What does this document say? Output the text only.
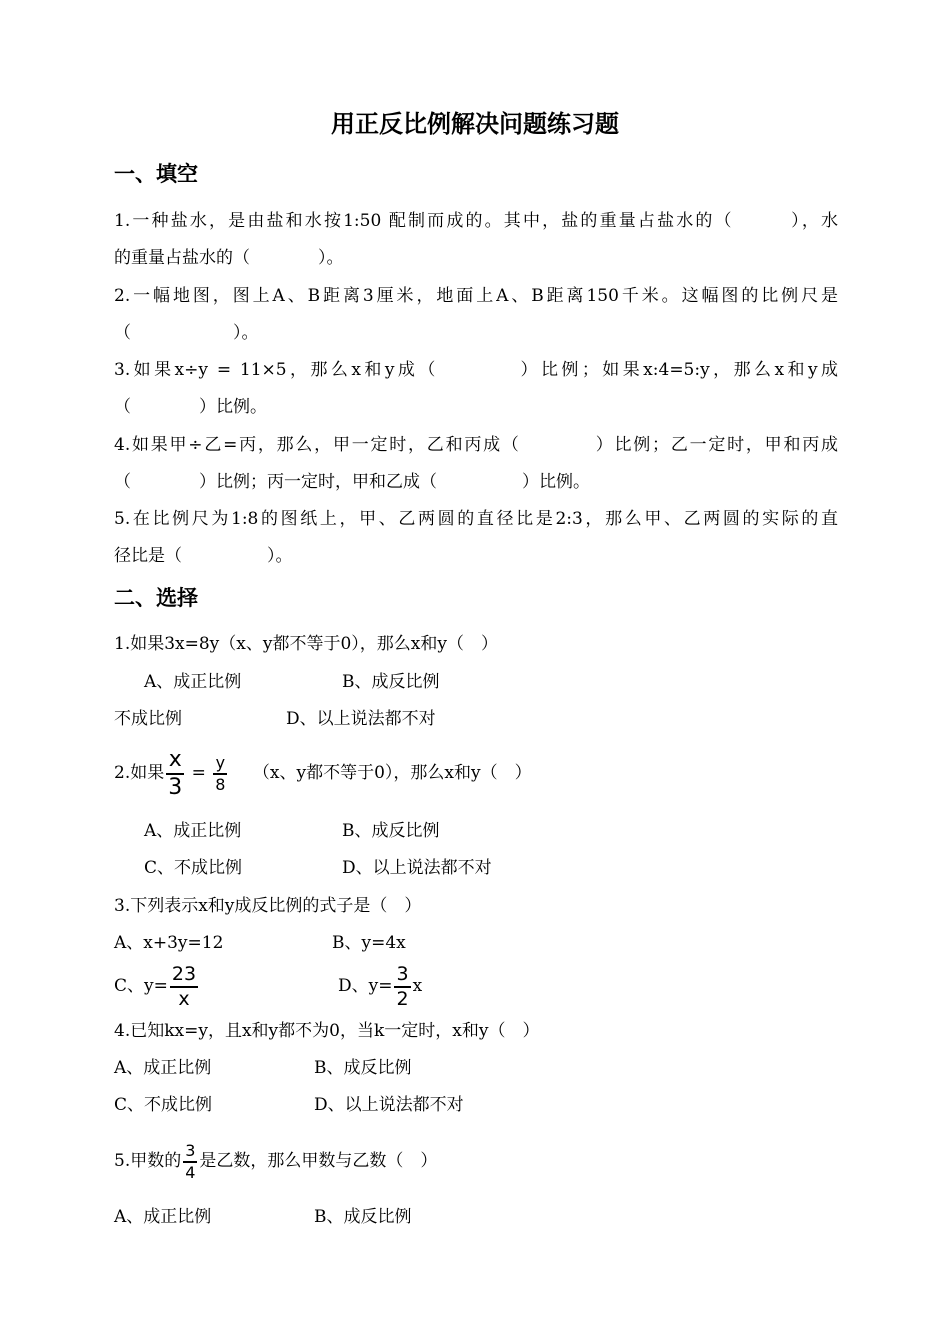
用正反比例解决问题练习题
一、填空
1.一种盐水，是由盐和水按1:50 配制而成的。其中，盐的重量占盐水的（　　　），水
的重量占盐水的（　　　　）。
2.一幅地图，图上A、B距离3厘米，地面上A、B距离150千米。这幅图的比例尺是
（　　　　　　）。
3.如果x÷y = 11×5，那么x和y成（　　　　）比例；如果x:4=5:y，那么x和y成
（　　　　）比例。
4.如果甲÷乙=丙，那么，甲一定时，乙和丙成（　　　　）比例；乙一定时，甲和丙成
（　　　　）比例；丙一定时，甲和乙成（　　　　　）比例。
5.在比例尺为1:8的图纸上，甲、乙两圆的直径比是2:3，那么甲、乙两圆的实际的直
径比是（　　　　　）。
二、选择
1.如果3x=8y（x、y都不等于0），那么x和y（　）
A、成正比例	B、成反比例
不成比例	D、以上说法都不对
2.如果 $\frac{x}{3} = \frac{y}{8} (x$、y都不等于0），那么x和y（　）
A、成正比例	B、成反比例
C、不成比例	D、以上说法都不对
3.下列表示x和y成反比例的式子是（　）
A、x+3y=12	B、y=4x
C、$y= \frac{23}{x}$	D、$y= \frac{3}{2}$ x
4.已知kx=y，且x和y都不为0，当k一定时，x和y（　）
A、成正比例	B、成反比例
C、不成比例	D、以上说法都不对
5.甲数的 $\frac{3}{4}$ 是乙数，那么甲数与乙数（　）
A、成正比例	B、成反比例
